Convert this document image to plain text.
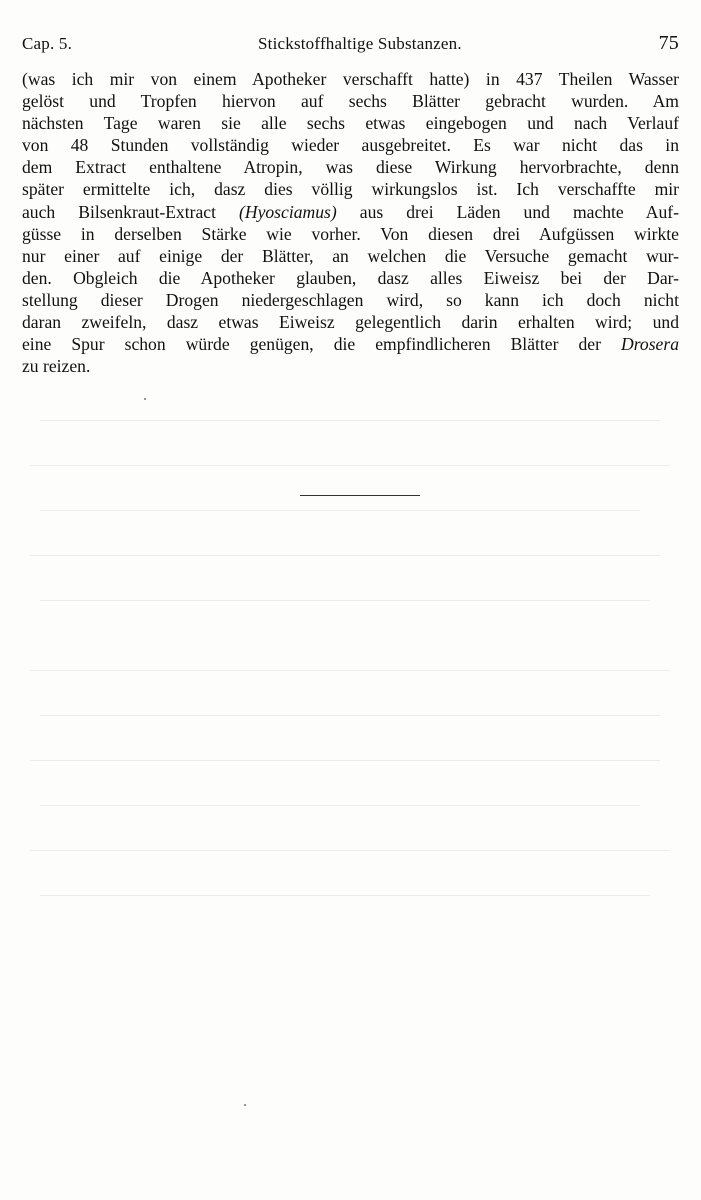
Cap. 5.	Stickstoffhaltige Substanzen.	75
(was ich mir von einem Apotheker verschafft hatte) in 437 Theilen Wasser
gelöst und Tropfen hiervon auf sechs Blätter gebracht wurden. Am
nächsten Tage waren sie alle sechs etwas eingebogen und nach Verlauf
von 48 Stunden vollständig wieder ausgebreitet. Es war nicht das in
dem Extract enthaltene Atropin, was diese Wirkung hervorbrachte, denn
später ermittelte ich, dasz dies völlig wirkungslos ist. Ich verschaffte mir
auch Bilsenkraut-Extract (Hyosciamus) aus drei Läden und machte Auf-
güsse in derselben Stärke wie vorher. Von diesen drei Aufgüssen wirkte
nur einer auf einige der Blätter, an welchen die Versuche gemacht wur-
den. Obgleich die Apotheker glauben, dasz alles Eiweisz bei der Dar-
stellung dieser Drogen niedergeschlagen wird, so kann ich doch nicht
daran zweifeln, dasz etwas Eiweisz gelegentlich darin erhalten wird; und
eine Spur schon würde genügen, die empfindlicheren Blätter der Drosera
zu reizen.
